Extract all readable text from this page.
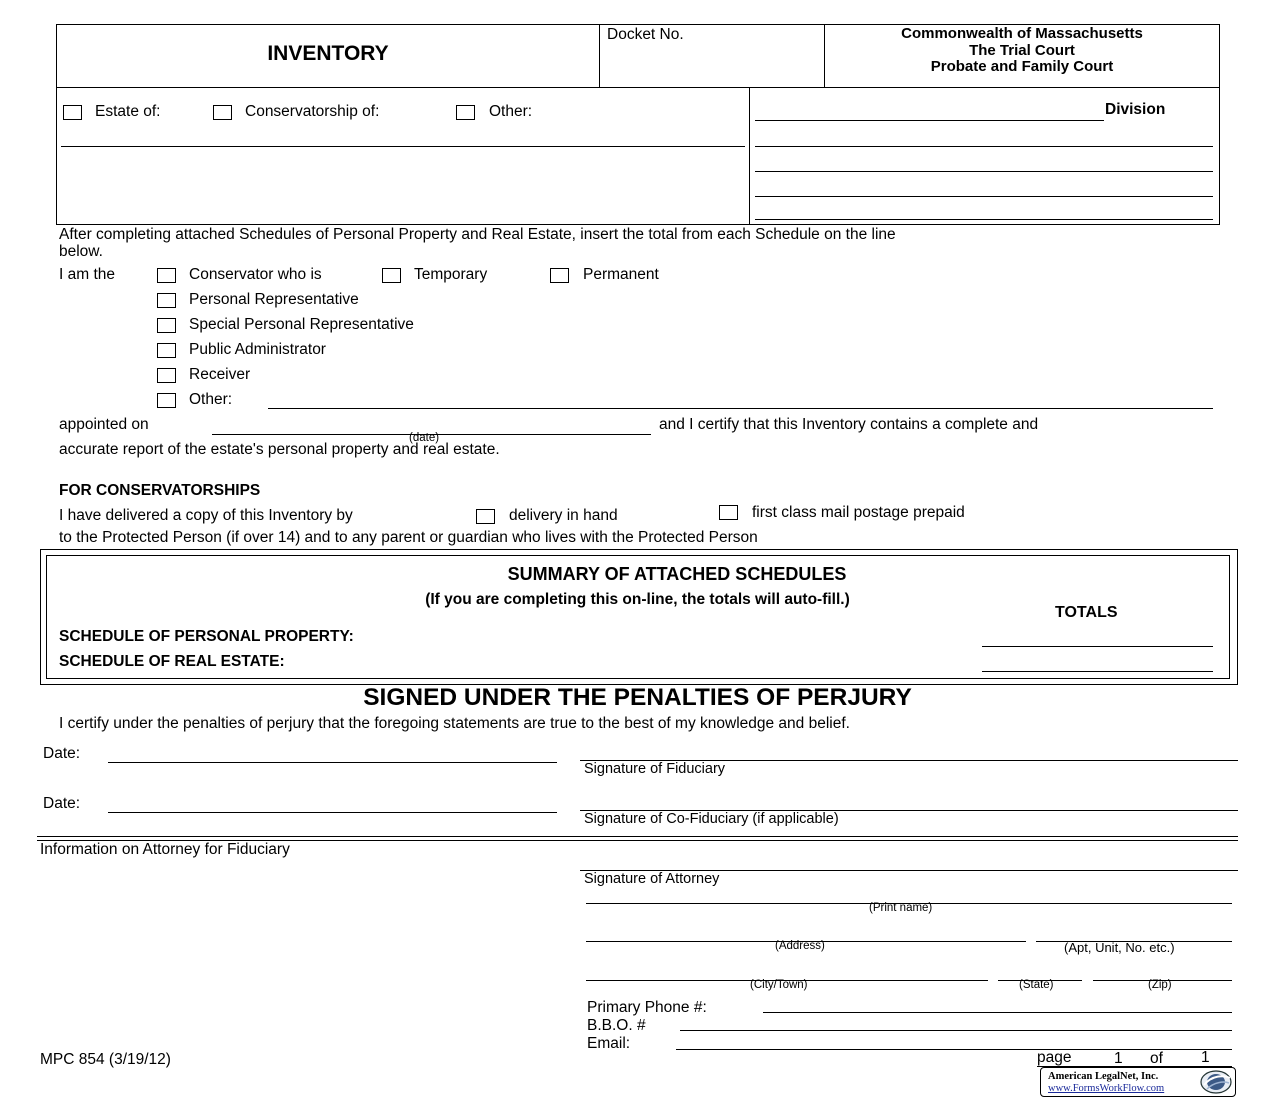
INVENTORY
Docket No.	Commonwealth of Massachusetts
The Trial Court
Probate and Family Court
Estate of:	Conservatorship of:	Other:	Division
After completing attached Schedules of Personal Property and Real Estate, insert the total from each Schedule on the line
below.
I am the	Conservator who is	Temporary	Permanent
Personal Representative
Special Personal Representative
Public Administrator
Receiver
Other:
appointed on
(date)
and I certify that this Inventory contains a complete and
accurate report of the estate's personal property and real estate.
FOR CONSERVATORSHIPS
I have delivered a copy of this Inventory by	delivery in hand	first class mail postage prepaid
to the Protected Person (if over 14) and to any parent or guardian who lives with the Protected Person
SUMMARY OF ATTACHED SCHEDULES
(If you are completing this on-line, the totals will auto-fill.)
TOTALS
SCHEDULE OF PERSONAL PROPERTY:
SCHEDULE OF REAL ESTATE:
SIGNED UNDER THE PENALTIES OF PERJURY
I certify under the penalties of perjury that the foregoing statements are true to the best of my knowledge and belief.
Date:
Signature of Fiduciary
Date:
Signature of Co-Fiduciary (if applicable)
Information on Attorney for Fiduciary
Signature of Attorney
(Print name)
(Address)	(Apt, Unit, No. etc.)
(City/Town)	(State)	(Zip)
Primary Phone #:
B.B.O. #
Email:
MPC 854 (3/19/12)	page	1 of 1
American LegalNet, Inc.
www.FormsWorkFlow.com
